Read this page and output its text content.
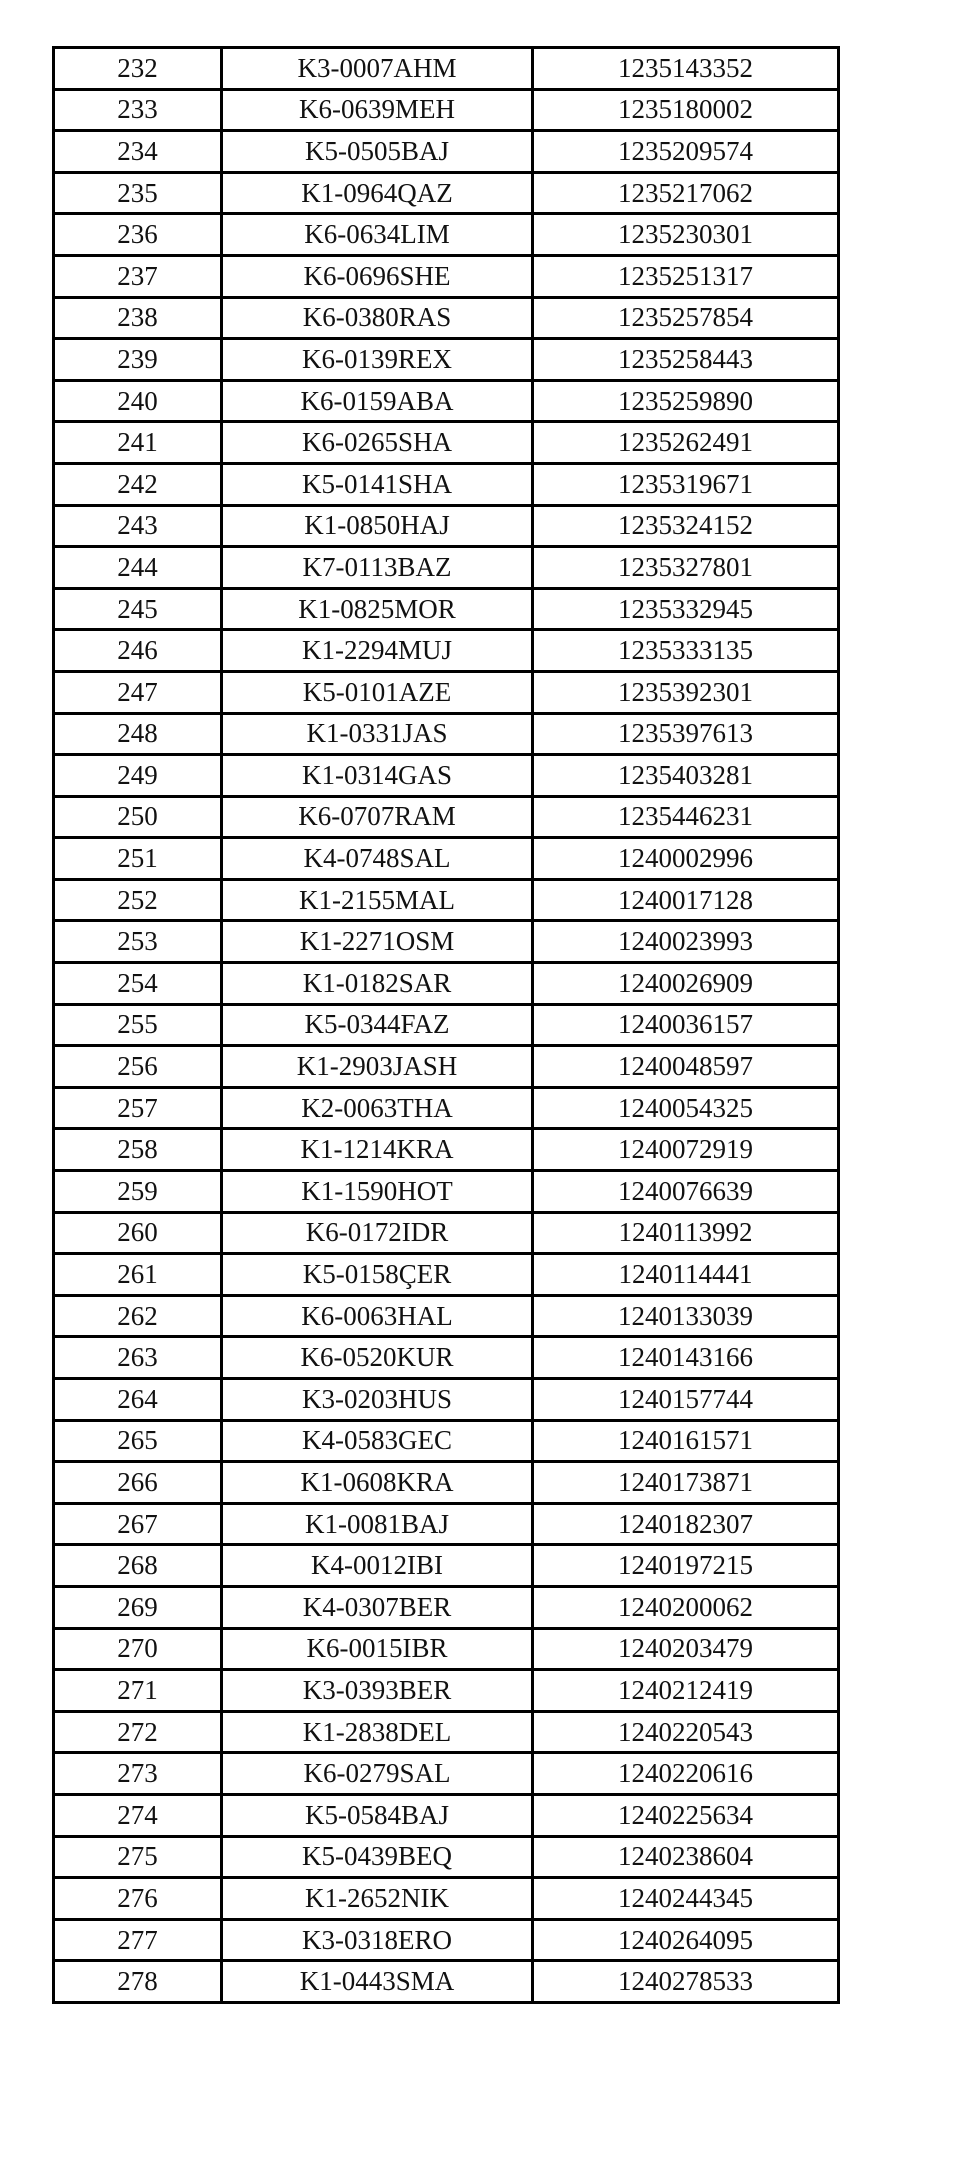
232	K3-0007AHM	1235143352
233	K6-0639MEH	1235180002
234	K5-0505BAJ	1235209574
235	K1-0964QAZ	1235217062
236	K6-0634LIM	1235230301
237	K6-0696SHE	1235251317
238	K6-0380RAS	1235257854
239	K6-0139REX	1235258443
240	K6-0159ABA	1235259890
241	K6-0265SHA	1235262491
242	K5-0141SHA	1235319671
243	K1-0850HAJ	1235324152
244	K7-0113BAZ	1235327801
245	K1-0825MOR	1235332945
246	K1-2294MUJ	1235333135
247	K5-0101AZE	1235392301
248	K1-0331JAS	1235397613
249	K1-0314GAS	1235403281
250	K6-0707RAM	1235446231
251	K4-0748SAL	1240002996
252	K1-2155MAL	1240017128
253	K1-2271OSM	1240023993
254	K1-0182SAR	1240026909
255	K5-0344FAZ	1240036157
256	K1-2903JASH	1240048597
257	K2-0063THA	1240054325
258	K1-1214KRA	1240072919
259	K1-1590HOT	1240076639
260	K6-0172IDR	1240113992
261	K5-0158ÇER	1240114441
262	K6-0063HAL	1240133039
263	K6-0520KUR	1240143166
264	K3-0203HUS	1240157744
265	K4-0583GEC	1240161571
266	K1-0608KRA	1240173871
267	K1-0081BAJ	1240182307
268	K4-0012IBI	1240197215
269	K4-0307BER	1240200062
270	K6-0015IBR	1240203479
271	K3-0393BER	1240212419
272	K1-2838DEL	1240220543
273	K6-0279SAL	1240220616
274	K5-0584BAJ	1240225634
275	K5-0439BEQ	1240238604
276	K1-2652NIK	1240244345
277	K3-0318ERO	1240264095
278	K1-0443SMA	1240278533
